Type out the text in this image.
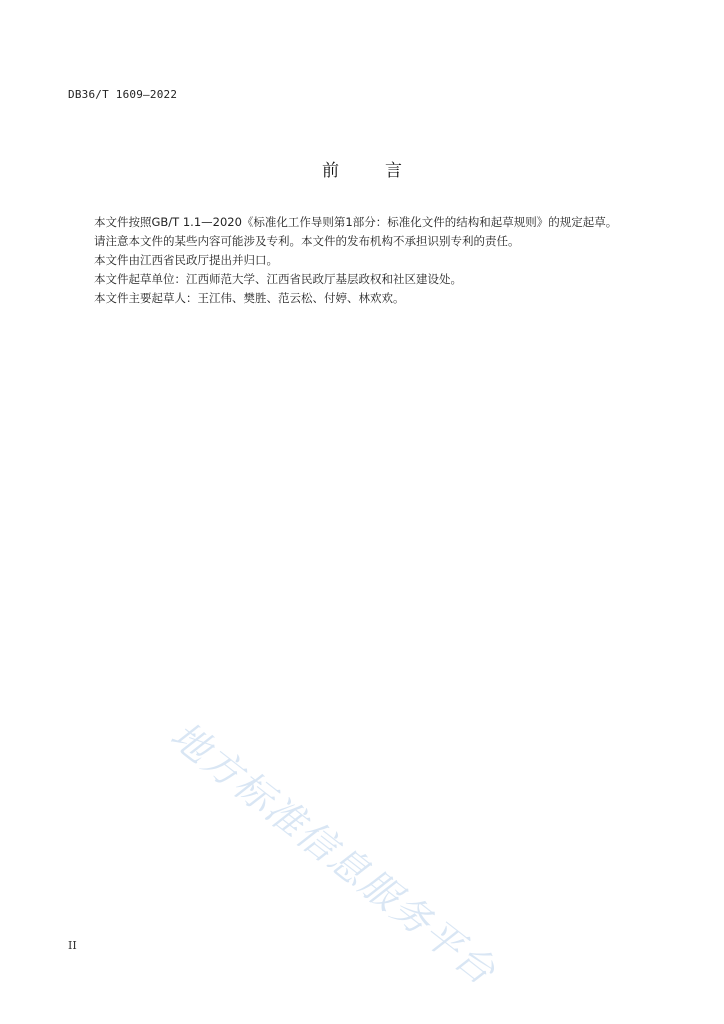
DB36/T 1609—2022
前	言

本文件按照GB/T 1.1—2020《标准化工作导则第1部分：标准化文件的结构和起草规则》的规定起草。

请注意本文件的某些内容可能涉及专利。本文件的发布机构不承担识别专利的责任。

本文件由江西省民政厅提出并归口。

本文件起草单位：江西师范大学、江西省民政厅基层政权和社区建设处。

本文件主要起草人：王江伟、樊胜、范云松、付婷、林欢欢。

地方标准信息服务平台
II
